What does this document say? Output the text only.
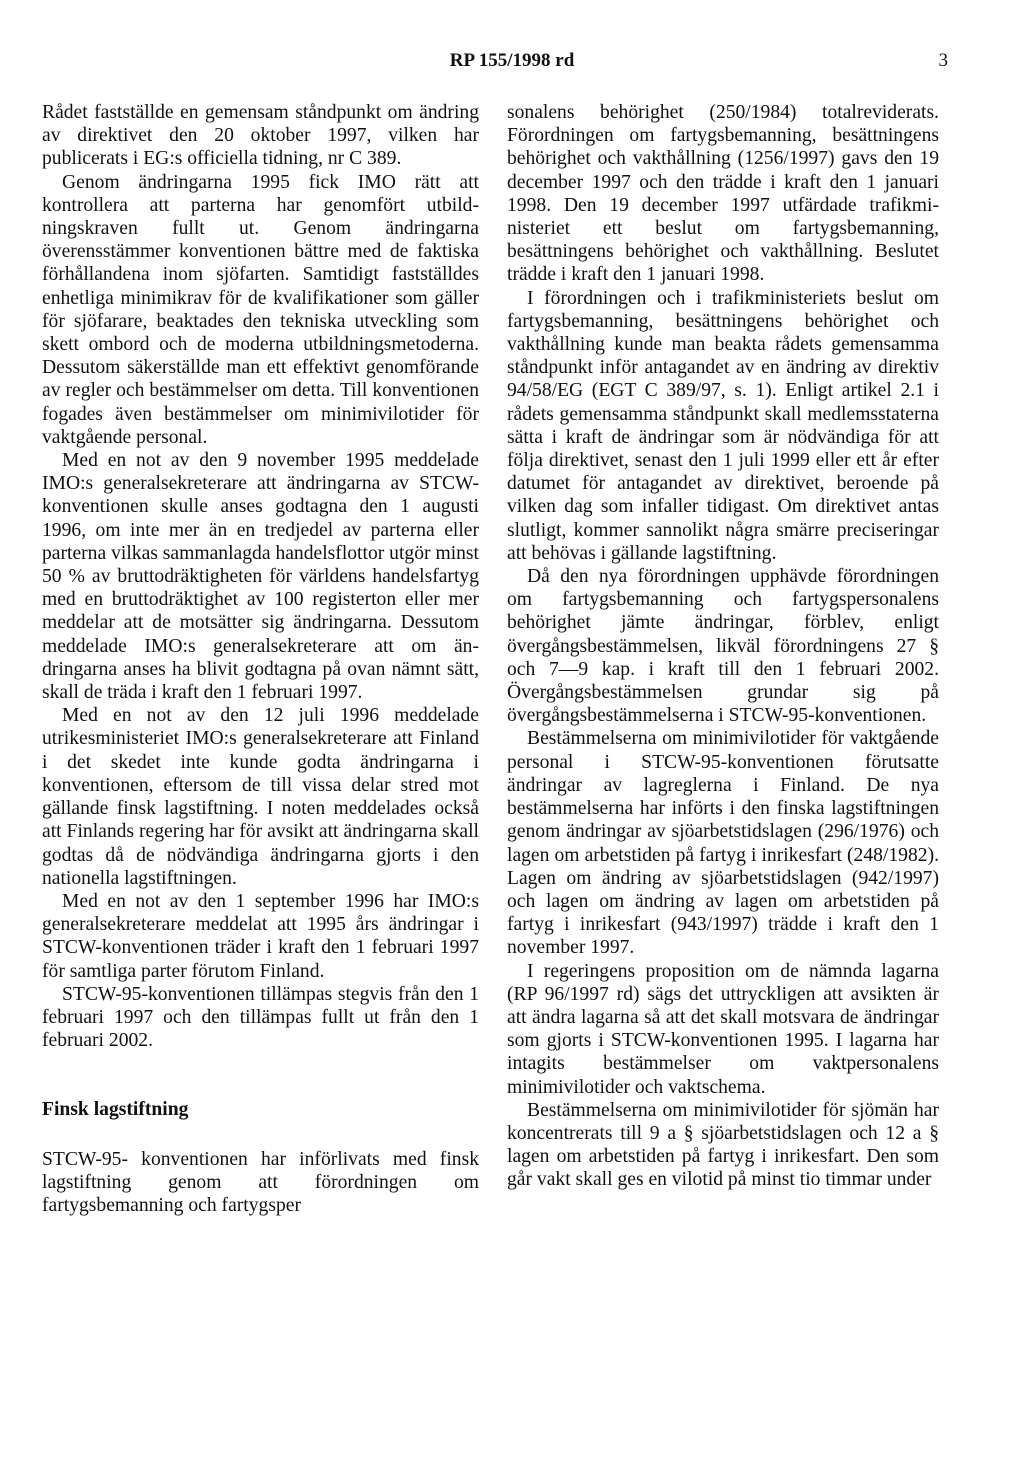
RP 155/1998 rd	3

Rådet fastställde en gemensam ståndpunkt om ändring av direktivet den 20 oktober 1997, vilken har publicerats i EG:s officiella tidning, nr C 389.

Genom ändringarna 1995 fick IMO rätt att kontrollera att parterna har genomfört utbildningskraven fullt ut. Genom ändringarna överensstämmer konventionen bättre med de faktiska förhållandena inom sjöfarten. Samtidigt fastställdes enhetliga minimikrav för de kvalifikationer som gäller för sjöfarare, beaktades den tekniska utveckling som skett ombord och de moderna utbildningsmetoderna. Dessutom säkerställde man ett effektivt genomförande av regler och bestämmelser om detta. Till konventionen fogades även bestämmelser om minimivilotider för vaktgående personal.

Med en not av den 9 november 1995 meddelade IMO:s generalsekreterare att ändringarna av STCW-konventionen skulle anses godtagna den 1 augusti 1996, om inte mer än en tredjedel av parterna eller parterna vilkas sammanlagda handelsflottor utgör minst 50 % av bruttodräktigheten för världens handelsfartyg med en bruttodräktighet av 100 registerton eller mer meddelar att de motsätter sig ändringarna. Dessutom meddelade IMO:s generalsekreterare att om ändringarna anses ha blivit godtagna på ovan nämnt sätt, skall de träda i kraft den 1 februari 1997.

Med en not av den 12 juli 1996 meddelade utrikesministeriet IMO:s generalsekreterare att Finland i det skedet inte kunde godta ändringarna i konventionen, eftersom de till vissa delar stred mot gällande finsk lagstiftning. I noten meddelades också att Finlands regering har för avsikt att ändringarna skall godtas då de nödvändiga ändringarna gjorts i den nationella lagstiftningen.

Med en not av den 1 september 1996 har IMO:s generalsekreterare meddelat att 1995 års ändringar i STCW-konventionen träder i kraft den 1 februari 1997 för samtliga parter förutom Finland.

STCW-95-konventionen tillämpas stegvis från den 1 februari 1997 och den tillämpas fullt ut från den 1 februari 2002.

Finsk lagstiftning

STCW-95- konventionen har införlivats med finsk lagstiftning genom att förordningen om fartygsbemanning och fartygsper

sonalens behörighet (250/1984) totalreviderats. Förordningen om fartygsbemanning, besättningens behörighet och vakthållning (1256/1997) gavs den 19 december 1997 och den trädde i kraft den 1 januari 1998. Den 19 december 1997 utfärdade trafikministeriet ett beslut om fartygsbemanning, besättningens behörighet och vakthållning. Beslutet trädde i kraft den 1 januari 1998.

I förordningen och i trafikministeriets beslut om fartygsbemanning, besättningens behörighet och vakthållning kunde man beakta rådets gemensamma ståndpunkt inför antagandet av en ändring av direktiv 94/58/EG (EGT C 389/97, s. 1). Enligt artikel 2.1 i rådets gemensamma ståndpunkt skall medlemsstaterna sätta i kraft de ändringar som är nödvändiga för att följa direktivet, senast den 1 juli 1999 eller ett år efter datumet för antagandet av direktivet, beroende på vilken dag som infaller tidigast. Om direktivet antas slutligt, kommer sannolikt några smärre preciseringar att behövas i gällande lagstiftning.

Då den nya förordningen upphävde förordningen om fartygsbemanning och fartygspersonalens behörighet jämte ändringar, förblev, enligt övergångsbestämmelsen, likväl förordningens 27 § och 7—9 kap. i kraft till den 1 februari 2002. Övergångsbestämmelsen grundar sig på övergångsbestämmelserna i STCW-95-konventionen.

Bestämmelserna om minimivilotider för vaktgående personal i STCW-95-konventionen förutsatte ändringar av lagreglerna i Finland. De nya bestämmelserna har införts i den finska lagstiftningen genom ändringar av sjöarbetstidslagen (296/1976) och lagen om arbetstiden på fartyg i inrikesfart (248/1982). Lagen om ändring av sjöarbetstidslagen (942/1997) och lagen om ändring av lagen om arbetstiden på fartyg i inrikesfart (943/1997) trädde i kraft den 1 november 1997.

I regeringens proposition om de nämnda lagarna (RP 96/1997 rd) sägs det uttryckligen att avsikten är att ändra lagarna så att det skall motsvara de ändringar som gjorts i STCW-konventionen 1995. I lagarna har intagits bestämmelser om vaktpersonalens minimivilotider och vaktschema.

Bestämmelserna om minimivilotider för sjömän har koncentrerats till 9 a § sjöarbetstidslagen och 12 a § lagen om arbetstiden på fartyg i inrikesfart. Den som går vakt skall ges en vilotid på minst tio timmar under
